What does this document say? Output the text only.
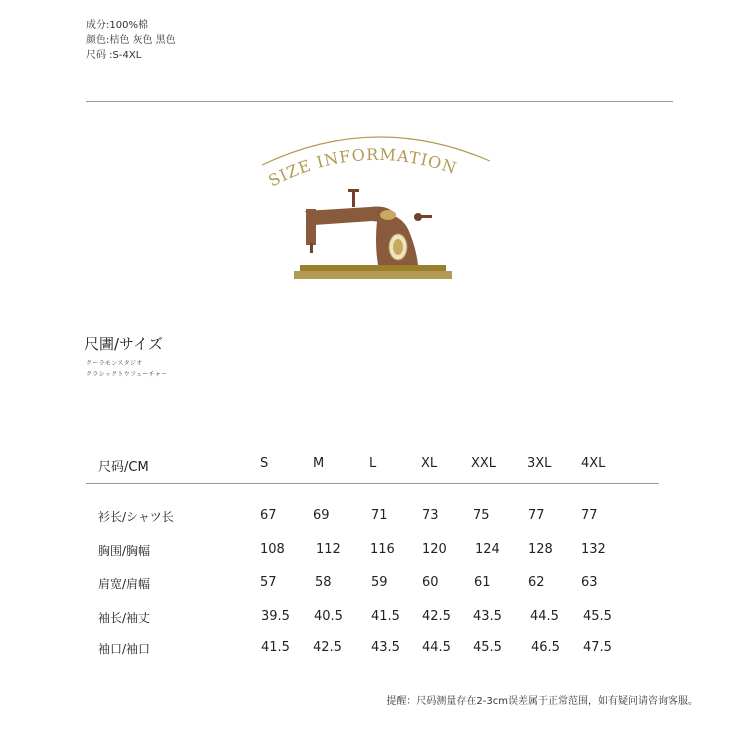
成分:100%棉
颜色:桔色 灰色 黑色
尺码 :S-4XL
SIZE INFORMATION
尺圕/サイズ
クーラモンスタジオ
クラシックトウフューチャー
尺码/CM	S	M	L	XL	XXL 3XL 4XL
衫长/シャツ长	67	69	71	73	75	77	77
胸围/胸幅	108 112 116 120 124 128 132
肩宽/肩幅	57	58	59	60	61	62	63
袖长/袖丈	39.5 40.5 41.5 42.5 43.5 44.5 45.5
袖口/袖口	41.5 42.5 43.5 44.5 45.5 46.5 47.5
提醒：尺码测量存在2-3cm误差属于正常范围，如有疑问请咨询客服。
